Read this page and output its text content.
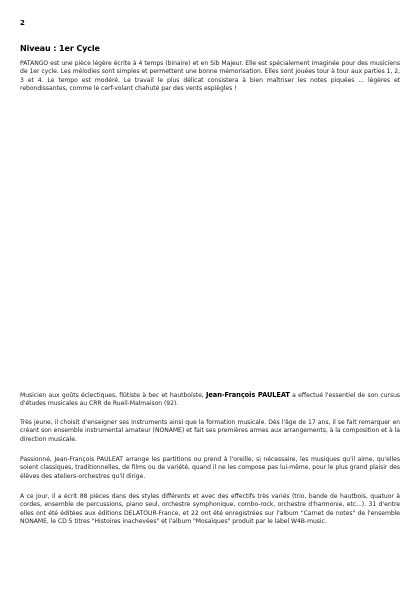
2
Niveau : 1er Cycle

PATANGO est une pièce légère écrite à 4 temps (binaire) et en Sib Majeur. Elle est spécialement imaginée pour des musiciens de 1er cycle. Les mélodies sont simples et permettent une bonne mémorisation. Elles sont jouées tour à tour aux parties 1, 2, 3 et 4. Le tempo est modéré. Le travail le plus délicat consistera à bien maîtriser les notes piquées ... légères et rebondissantes, comme le cerf-volant chahuté par des vents espiègles !

Musicien aux goûts éclectiques, flûtiste à bec et hautboïste, Jean-François PAULEAT a effectué l'essentiel de son cursus d'études musicales au CRR de Rueil-Malmaison (92).

Très jeune, il choisit d'enseigner ses instruments ainsi que la formation musicale. Dès l'âge de 17 ans, il se fait remarquer en créant son ensemble instrumental amateur (NONAME) et fait ses premières armes aux arrangements, à la composition et à la direction musicale.

Passionné, Jean-François PAULEAT arrange les partitions ou prend à l'oreille, si nécessaire, les musiques qu'il aime, qu'elles soient classiques, traditionnelles, de films ou de variété, quand il ne les compose pas lui-même, pour le plus grand plaisir des élèves des ateliers-orchestres qu'il dirige.

A ce jour, il a écrit 88 pièces dans des styles différents et avec des effectifs très variés (trio, bande de hautbois, quatuor à cordes, ensemble de percussions, piano seul, orchestre symphonique, combo-rock, orchestre d'harmonie, etc...). 31 d'entre elles ont été éditées aux éditions DELATOUR-France, et 22 ont été enregistrées sur l'album "Carnet de notes" de l'ensemble NONAME, le CD 5 titres "Histoires inachevées" et l'album "Mosaïques" produit par le label W4B-music.
